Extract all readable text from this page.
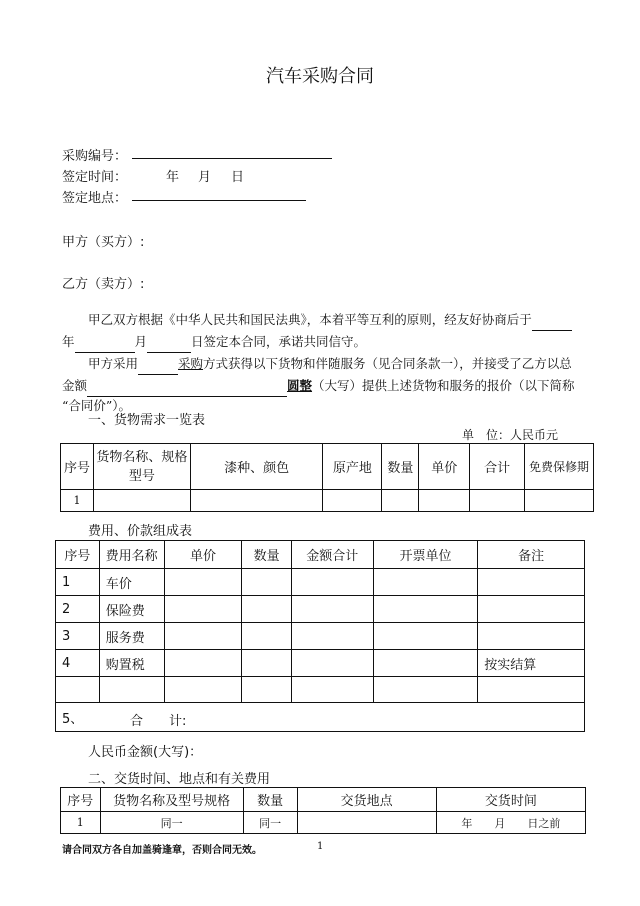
汽车采购合同
采购编号：
签定时间：	年 月 日
签定地点：
甲方（买方）:
乙方（卖方）:
甲乙双方根据《中华人民共和国民法典》，本着平等互利的原则，经友好协商后于
年	月	日签定本合同，承诺共同信守。
甲方采用	采购方式获得以下货物和伴随服务（见合同条款一），并接受了乙方以总
金额	圆整（大写）提供上述货物和服务的报价（以下简称
“合同价”）。
一、货物需求一览表
单　位：人民币元
序号	货物名称、规格型号	漆种、颜色	原产地	数量	单价	合计	免费保修期
1							
费用、价款组成表
序号	费用名称	单价	数量	金额合计	开票单位	备注
1	车价					
2	保险费					
3	服务费					
4	购置税					按实结算

5、 合　　计:						
人民币金额(大写)：
二、交货时间、地点和有关费用
序号	货物名称及型号规格	数量	交货地点	交货时间
1	同一	同一		年　　月　　日之前
请合同双方各自加盖骑逢章，否则合同无效。	1
